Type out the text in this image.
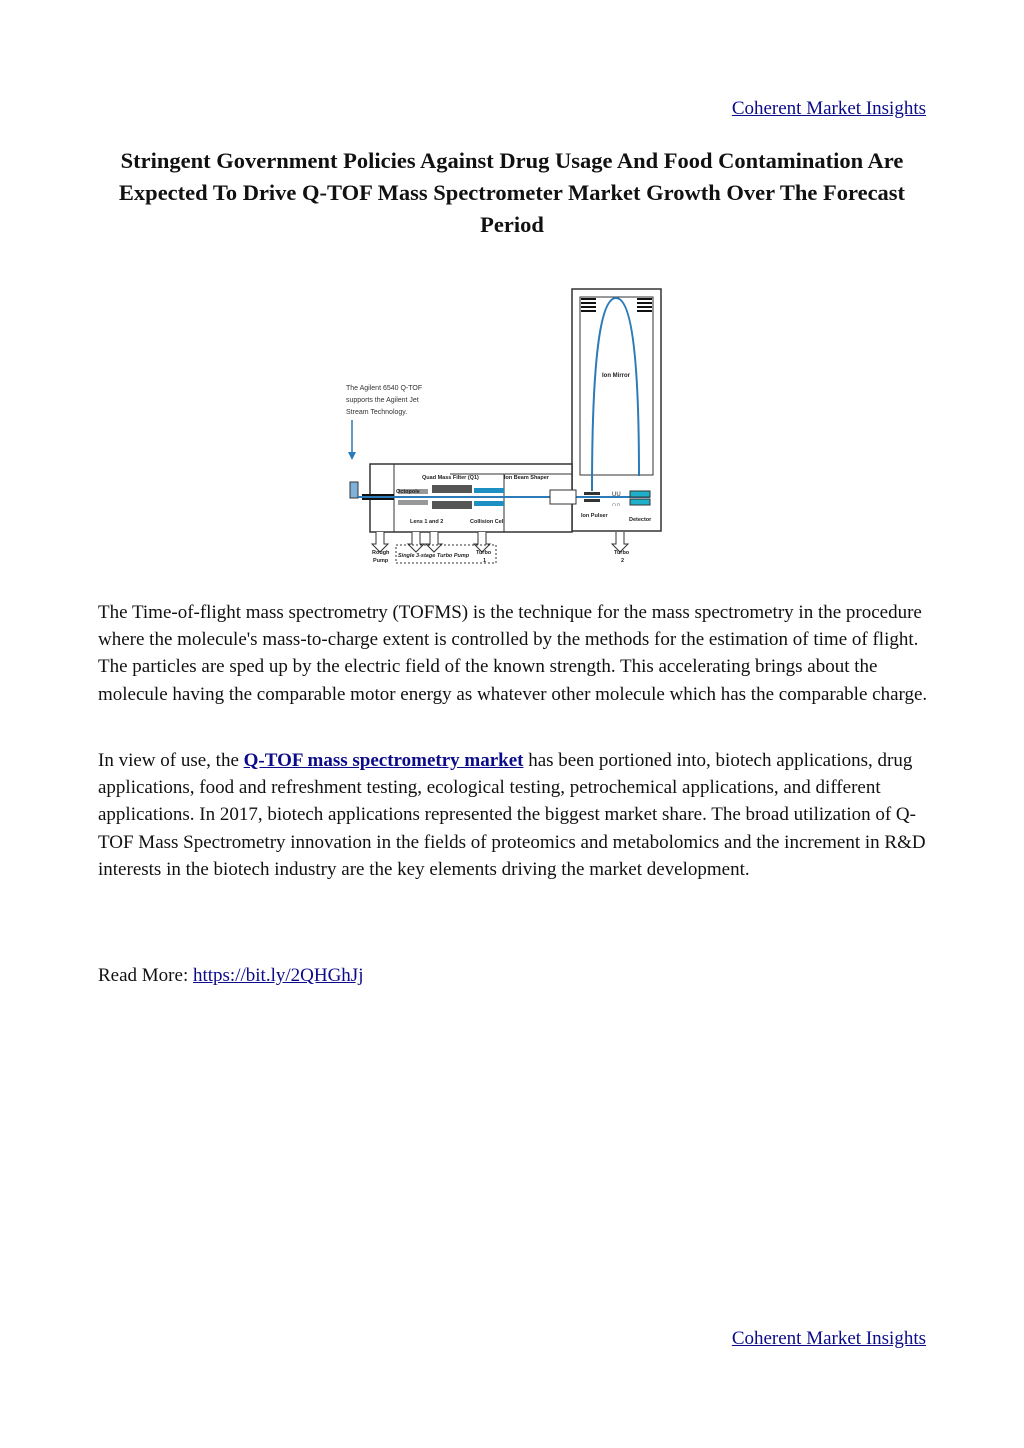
Coherent Market Insights
Stringent Government Policies Against Drug Usage And Food Contamination Are Expected To Drive Q-TOF Mass Spectrometer Market Growth Over The Forecast Period
The Agilent 6540 Q-TOF
supports the Agilent Jet
Stream Technology.
Ion Mirror
Octopole
Quad Mass Filter (Q1)	Ion Beam Shaper
UU
∩∩
Lens 1 and 2	Collision Cell
Ion Pulser
Detector
Single 3-stage Turbo Pump
Rough
Pump
Turbo
1
Turbo
2

The Time-of-flight mass spectrometry (TOFMS) is the technique for the mass spectrometry in the procedure where the molecule's mass-to-charge extent is controlled by the methods for the estimation of time of flight. The particles are sped up by the electric field of the known strength. This accelerating brings about the molecule having the comparable motor energy as whatever other molecule which has the comparable charge.

In view of use, the Q-TOF mass spectrometry market has been portioned into, biotech applications, drug applications, food and refreshment testing, ecological testing, petrochemical applications, and different applications. In 2017, biotech applications represented the biggest market share. The broad utilization of Q-TOF Mass Spectrometry innovation in the fields of proteomics and metabolomics and the increment in R&D interests in the biotech industry are the key elements driving the market development.

Read More: https://bit.ly/2QHGhJj

Coherent Market Insights
